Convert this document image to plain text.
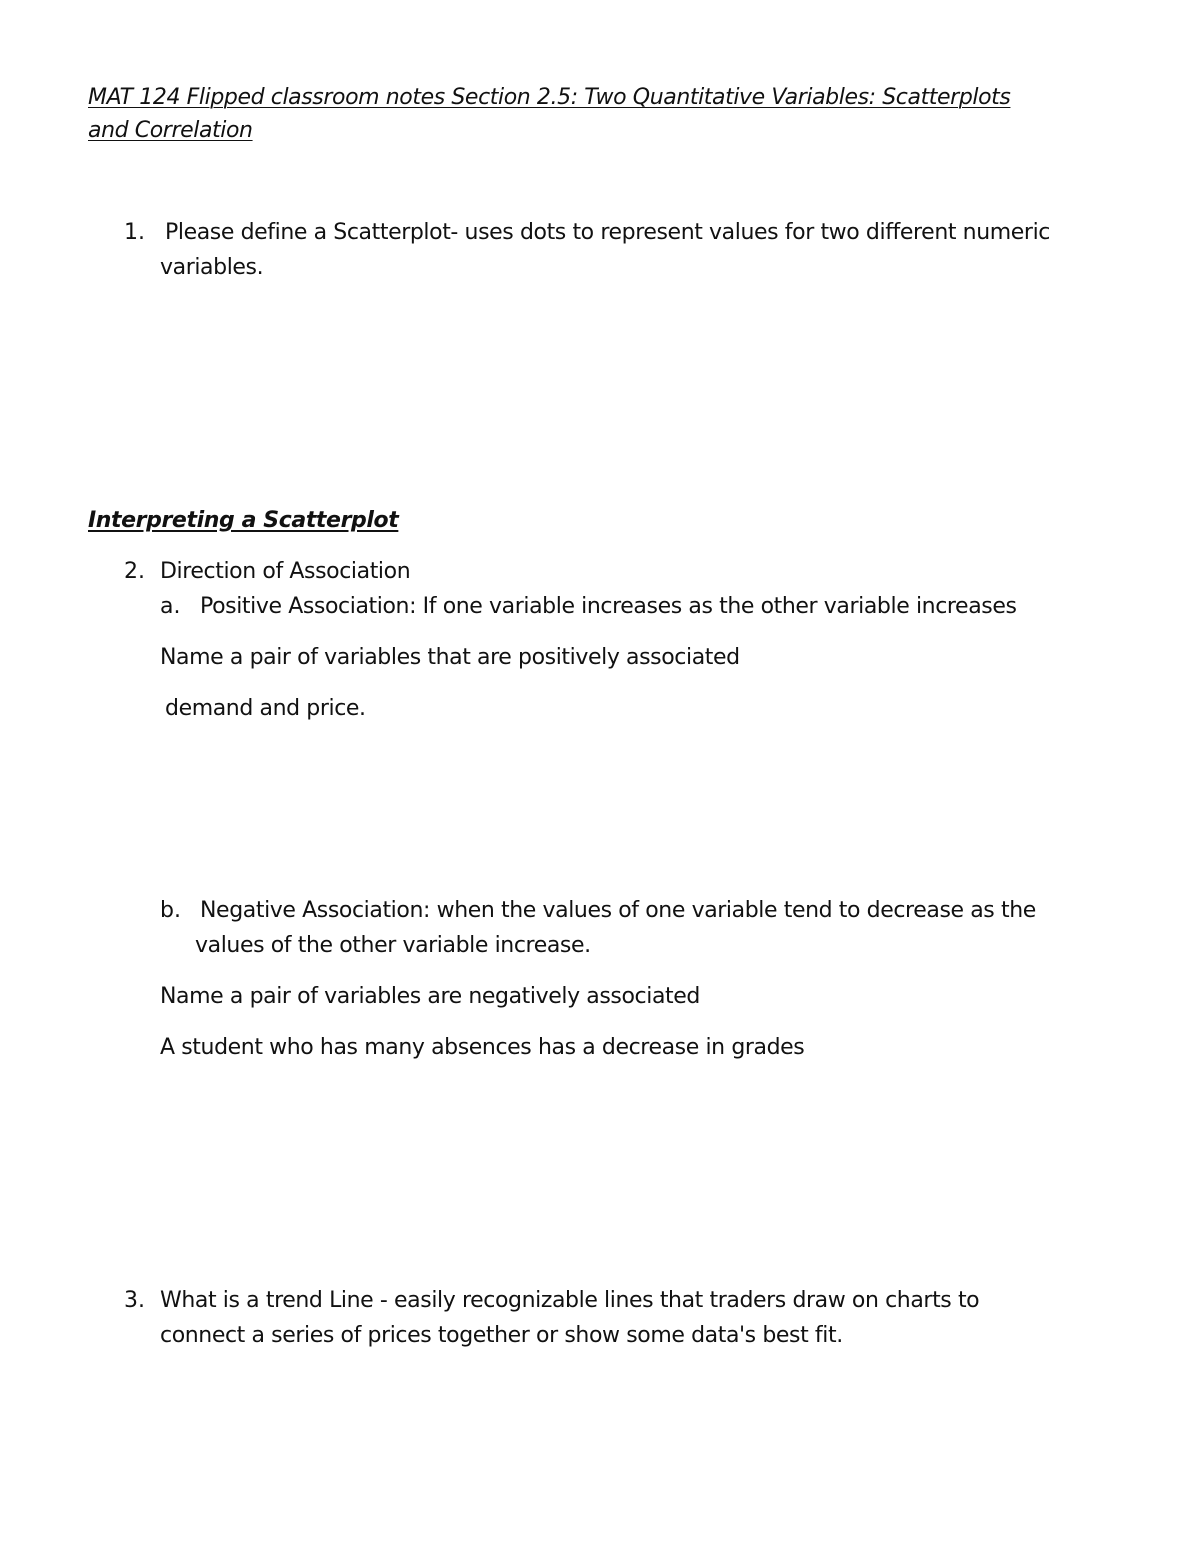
MAT 124 Flipped classroom notes Section 2.5: Two Quantitative Variables: Scatterplots
and Correlation
1. Please define a Scatterplot- uses dots to represent values for two different numeric
variables.
Interpreting a Scatterplot
2. Direction of Association
a. Positive Association: If one variable increases as the other variable increases
Name a pair of variables that are positively associated
demand and price.
b. Negative Association: when the values of one variable tend to decrease as the
values of the other variable increase.
Name a pair of variables are negatively associated
A student who has many absences has a decrease in grades
3. What is a trend Line - easily recognizable lines that traders draw on charts to
connect a series of prices together or show some data's best fit.
